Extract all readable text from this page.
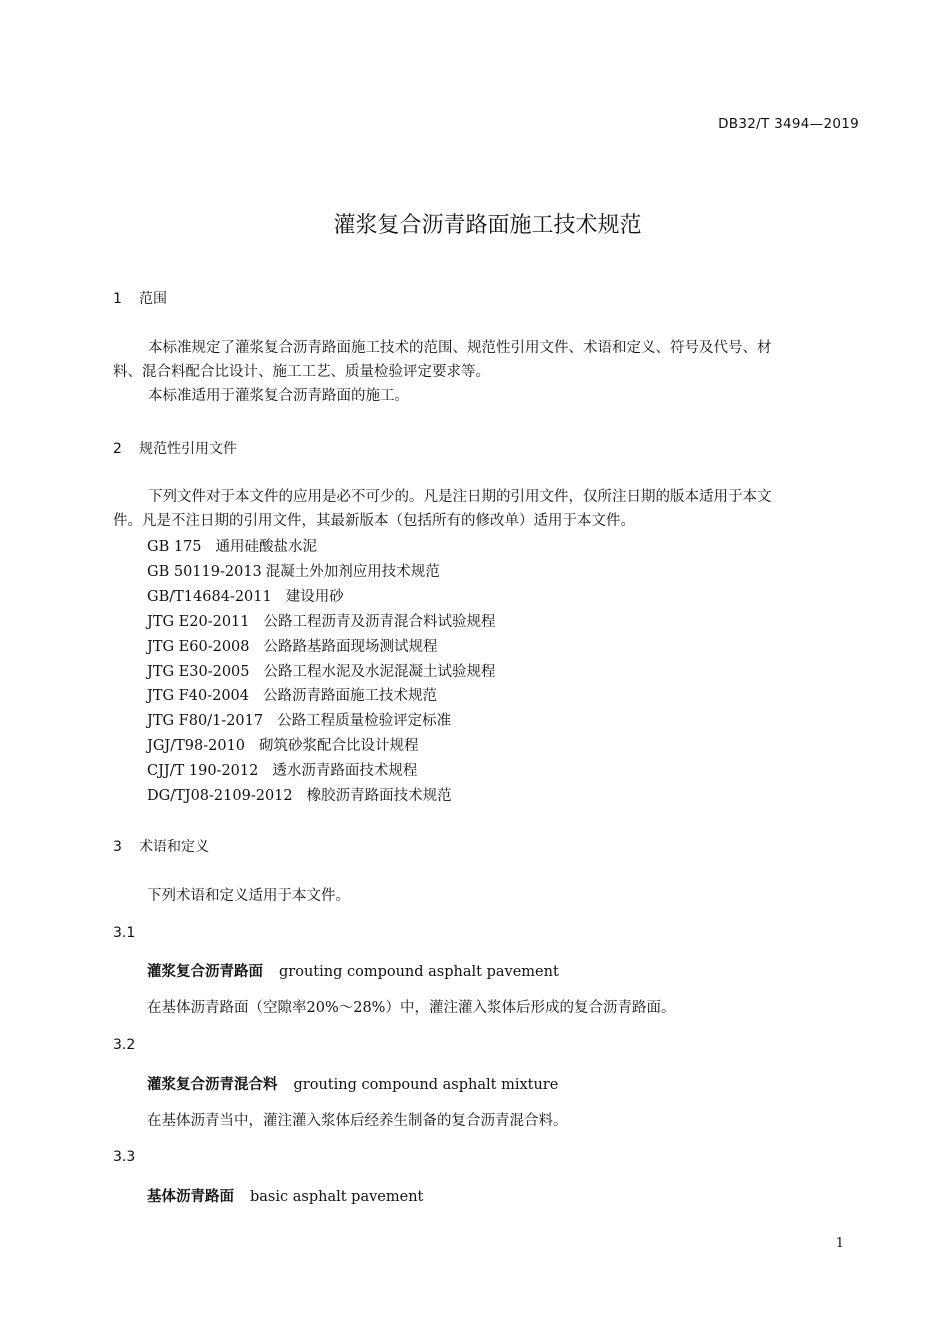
DB32/T 3494—2019
灌浆复合沥青路面施工技术规范
1 范围
本标准规定了灌浆复合沥青路面施工技术的范围、规范性引用文件、术语和定义、符号及代号、材
料、混合料配合比设计、施工工艺、质量检验评定要求等。
本标准适用于灌浆复合沥青路面的施工。
2 规范性引用文件
下列文件对于本文件的应用是必不可少的。凡是注日期的引用文件，仅所注日期的版本适用于本文
件。凡是不注日期的引用文件，其最新版本（包括所有的修改单）适用于本文件。
GB 175 通用硅酸盐水泥
GB 50119-2013 混凝土外加剂应用技术规范
GB/T14684-2011 建设用砂
JTG E20-2011 公路工程沥青及沥青混合料试验规程
JTG E60-2008 公路路基路面现场测试规程
JTG E30-2005 公路工程水泥及水泥混凝土试验规程
JTG F40-2004 公路沥青路面施工技术规范
JTG F80/1-2017 公路工程质量检验评定标准
JGJ/T98-2010 砌筑砂浆配合比设计规程
CJJ/T 190-2012 透水沥青路面技术规程
DG/TJ08-2109-2012 橡胶沥青路面技术规范
3 术语和定义
下列术语和定义适用于本文件。
3.1
灌浆复合沥青路面 grouting compound asphalt pavement
在基体沥青路面（空隙率20%～28%）中，灌注灌入浆体后形成的复合沥青路面。
3.2
灌浆复合沥青混合料 grouting compound asphalt mixture
在基体沥青当中，灌注灌入浆体后经养生制备的复合沥青混合料。
3.3
基体沥青路面 basic asphalt pavement
1
